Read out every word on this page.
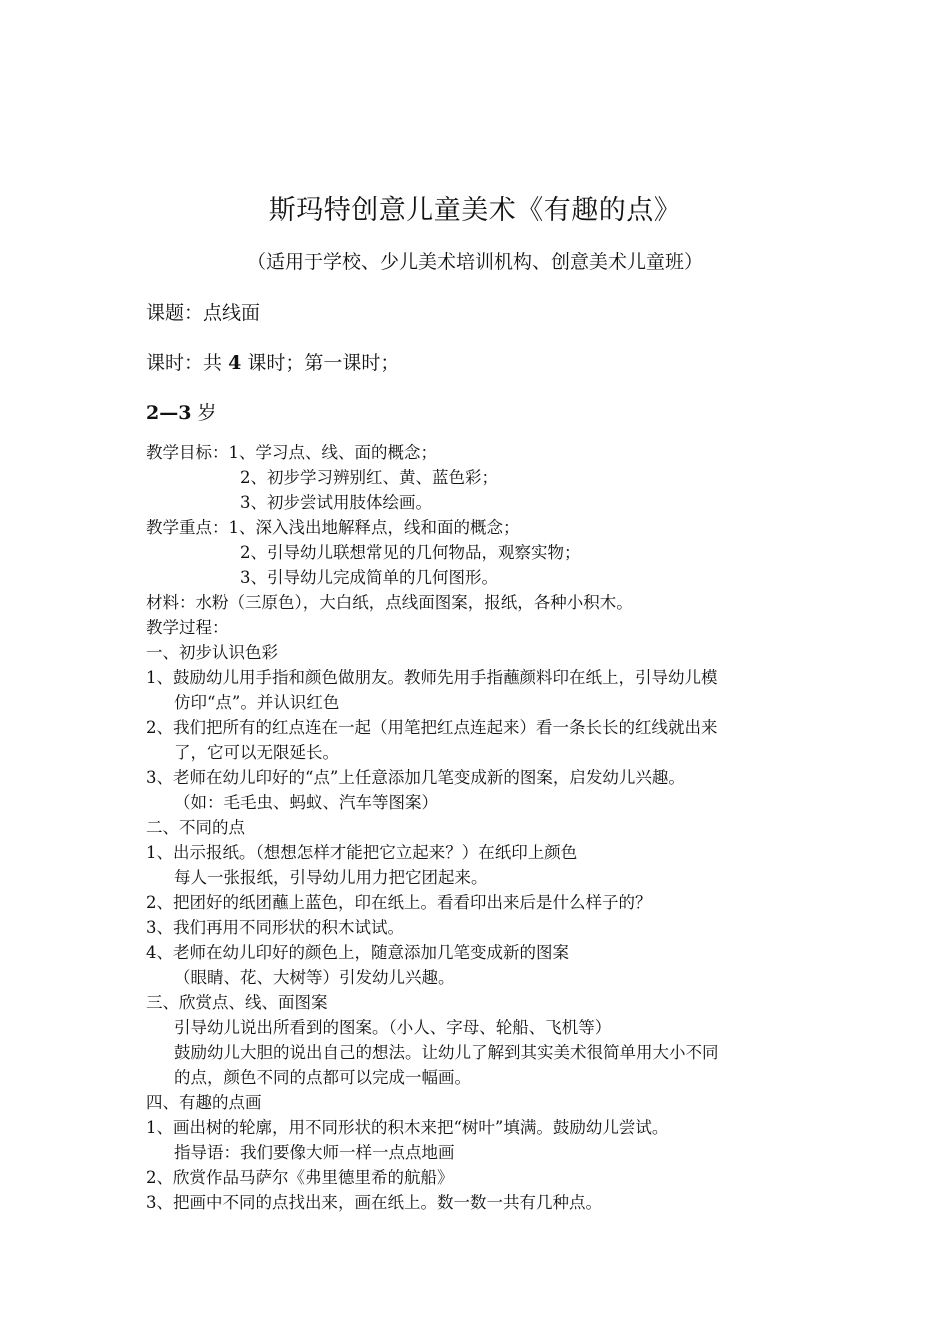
斯玛特创意儿童美术《有趣的点》
（适用于学校、少儿美术培训机构、创意美术儿童班）
课题：点线面
课时：共 4 课时；第一课时；
2—3 岁
教学目标：1、学习点、线、面的概念；
2、初步学习辨别红、黄、蓝色彩；
3、初步尝试用肢体绘画。
教学重点：1、深入浅出地解释点，线和面的概念；
2、引导幼儿联想常见的几何物品，观察实物；
3、引导幼儿完成简单的几何图形。
材料：水粉（三原色），大白纸，点线面图案，报纸，各种小积木。
教学过程：
一、初步认识色彩
1、鼓励幼儿用手指和颜色做朋友。教师先用手指蘸颜料印在纸上，引导幼儿模
仿印“点”。并认识红色
2、我们把所有的红点连在一起（用笔把红点连起来）看一条长长的红线就出来
了，它可以无限延长。
3、老师在幼儿印好的“点”上任意添加几笔变成新的图案，启发幼儿兴趣。
（如：毛毛虫、蚂蚁、汽车等图案）
二、不同的点
1、出示报纸。（想想怎样才能把它立起来？）在纸印上颜色
每人一张报纸，引导幼儿用力把它团起来。
2、把团好的纸团蘸上蓝色，印在纸上。看看印出来后是什么样子的？
3、我们再用不同形状的积木试试。
4、老师在幼儿印好的颜色上，随意添加几笔变成新的图案
（眼睛、花、大树等）引发幼儿兴趣。
三、欣赏点、线、面图案
引导幼儿说出所看到的图案。（小人、字母、轮船、飞机等）
鼓励幼儿大胆的说出自己的想法。让幼儿了解到其实美术很简单用大小不同
的点，颜色不同的点都可以完成一幅画。
四、有趣的点画
1、画出树的轮廓，用不同形状的积木来把“树叶”填满。鼓励幼儿尝试。
指导语：我们要像大师一样一点点地画
2、欣赏作品马萨尔《弗里德里希的航船》
3、把画中不同的点找出来，画在纸上。数一数一共有几种点。
